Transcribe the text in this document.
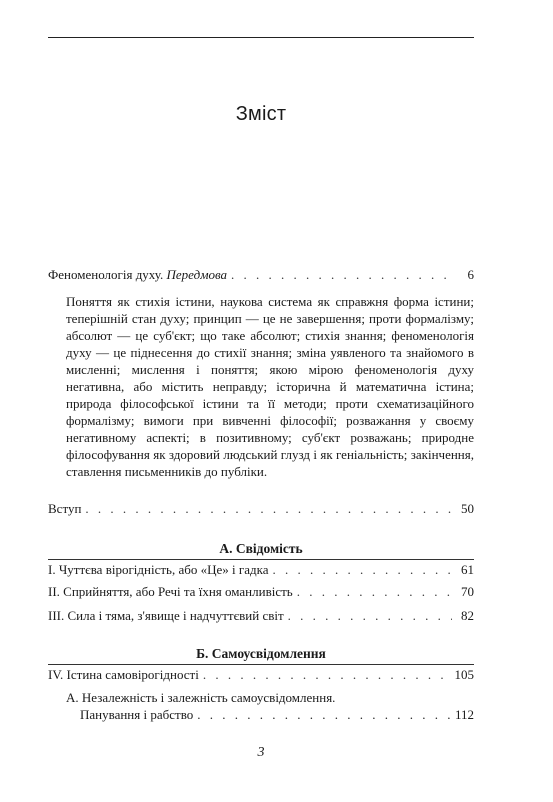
Зміст
Феноменологія духу. Передмова . . .	6
Поняття як стихія істини, наукова система як справжня форма істини; теперішній стан духу; принцип — це не завершення; проти формалізму; абсолют — це суб'єкт; що таке абсолют; стихія знання; феноменологія духу — це піднесення до стихії знання; зміна уявленого та знайомого в мисленні; мислення і поняття; якою мірою феноменологія духу негативна, або містить неправду; історична й математична істина; природа філософської істини та її методи; проти схематизаційного формалізму; вимоги при вивченні філософії; розважання у своєму негативному аспекті; в позитивному; суб'єкт розважань; природне філософування як здоровий людський глузд і як геніальність; закінчення, ставлення письменників до публіки.
Вступ . . .	50
А. Свідомість
I. Чуттєва вірогідність, або «Це» і гадка . . .	61
II. Сприйняття, або Речі та їхня оманливість . . .	70
III. Сила і тяма, з'явище і надчуттєвий світ . . .	82
Б. Самоусвідомлення
IV. Істина самовірогідності . . .	105
А. Незалежність і залежність самоусвідомлення.
Панування і рабство . . .	112
3
